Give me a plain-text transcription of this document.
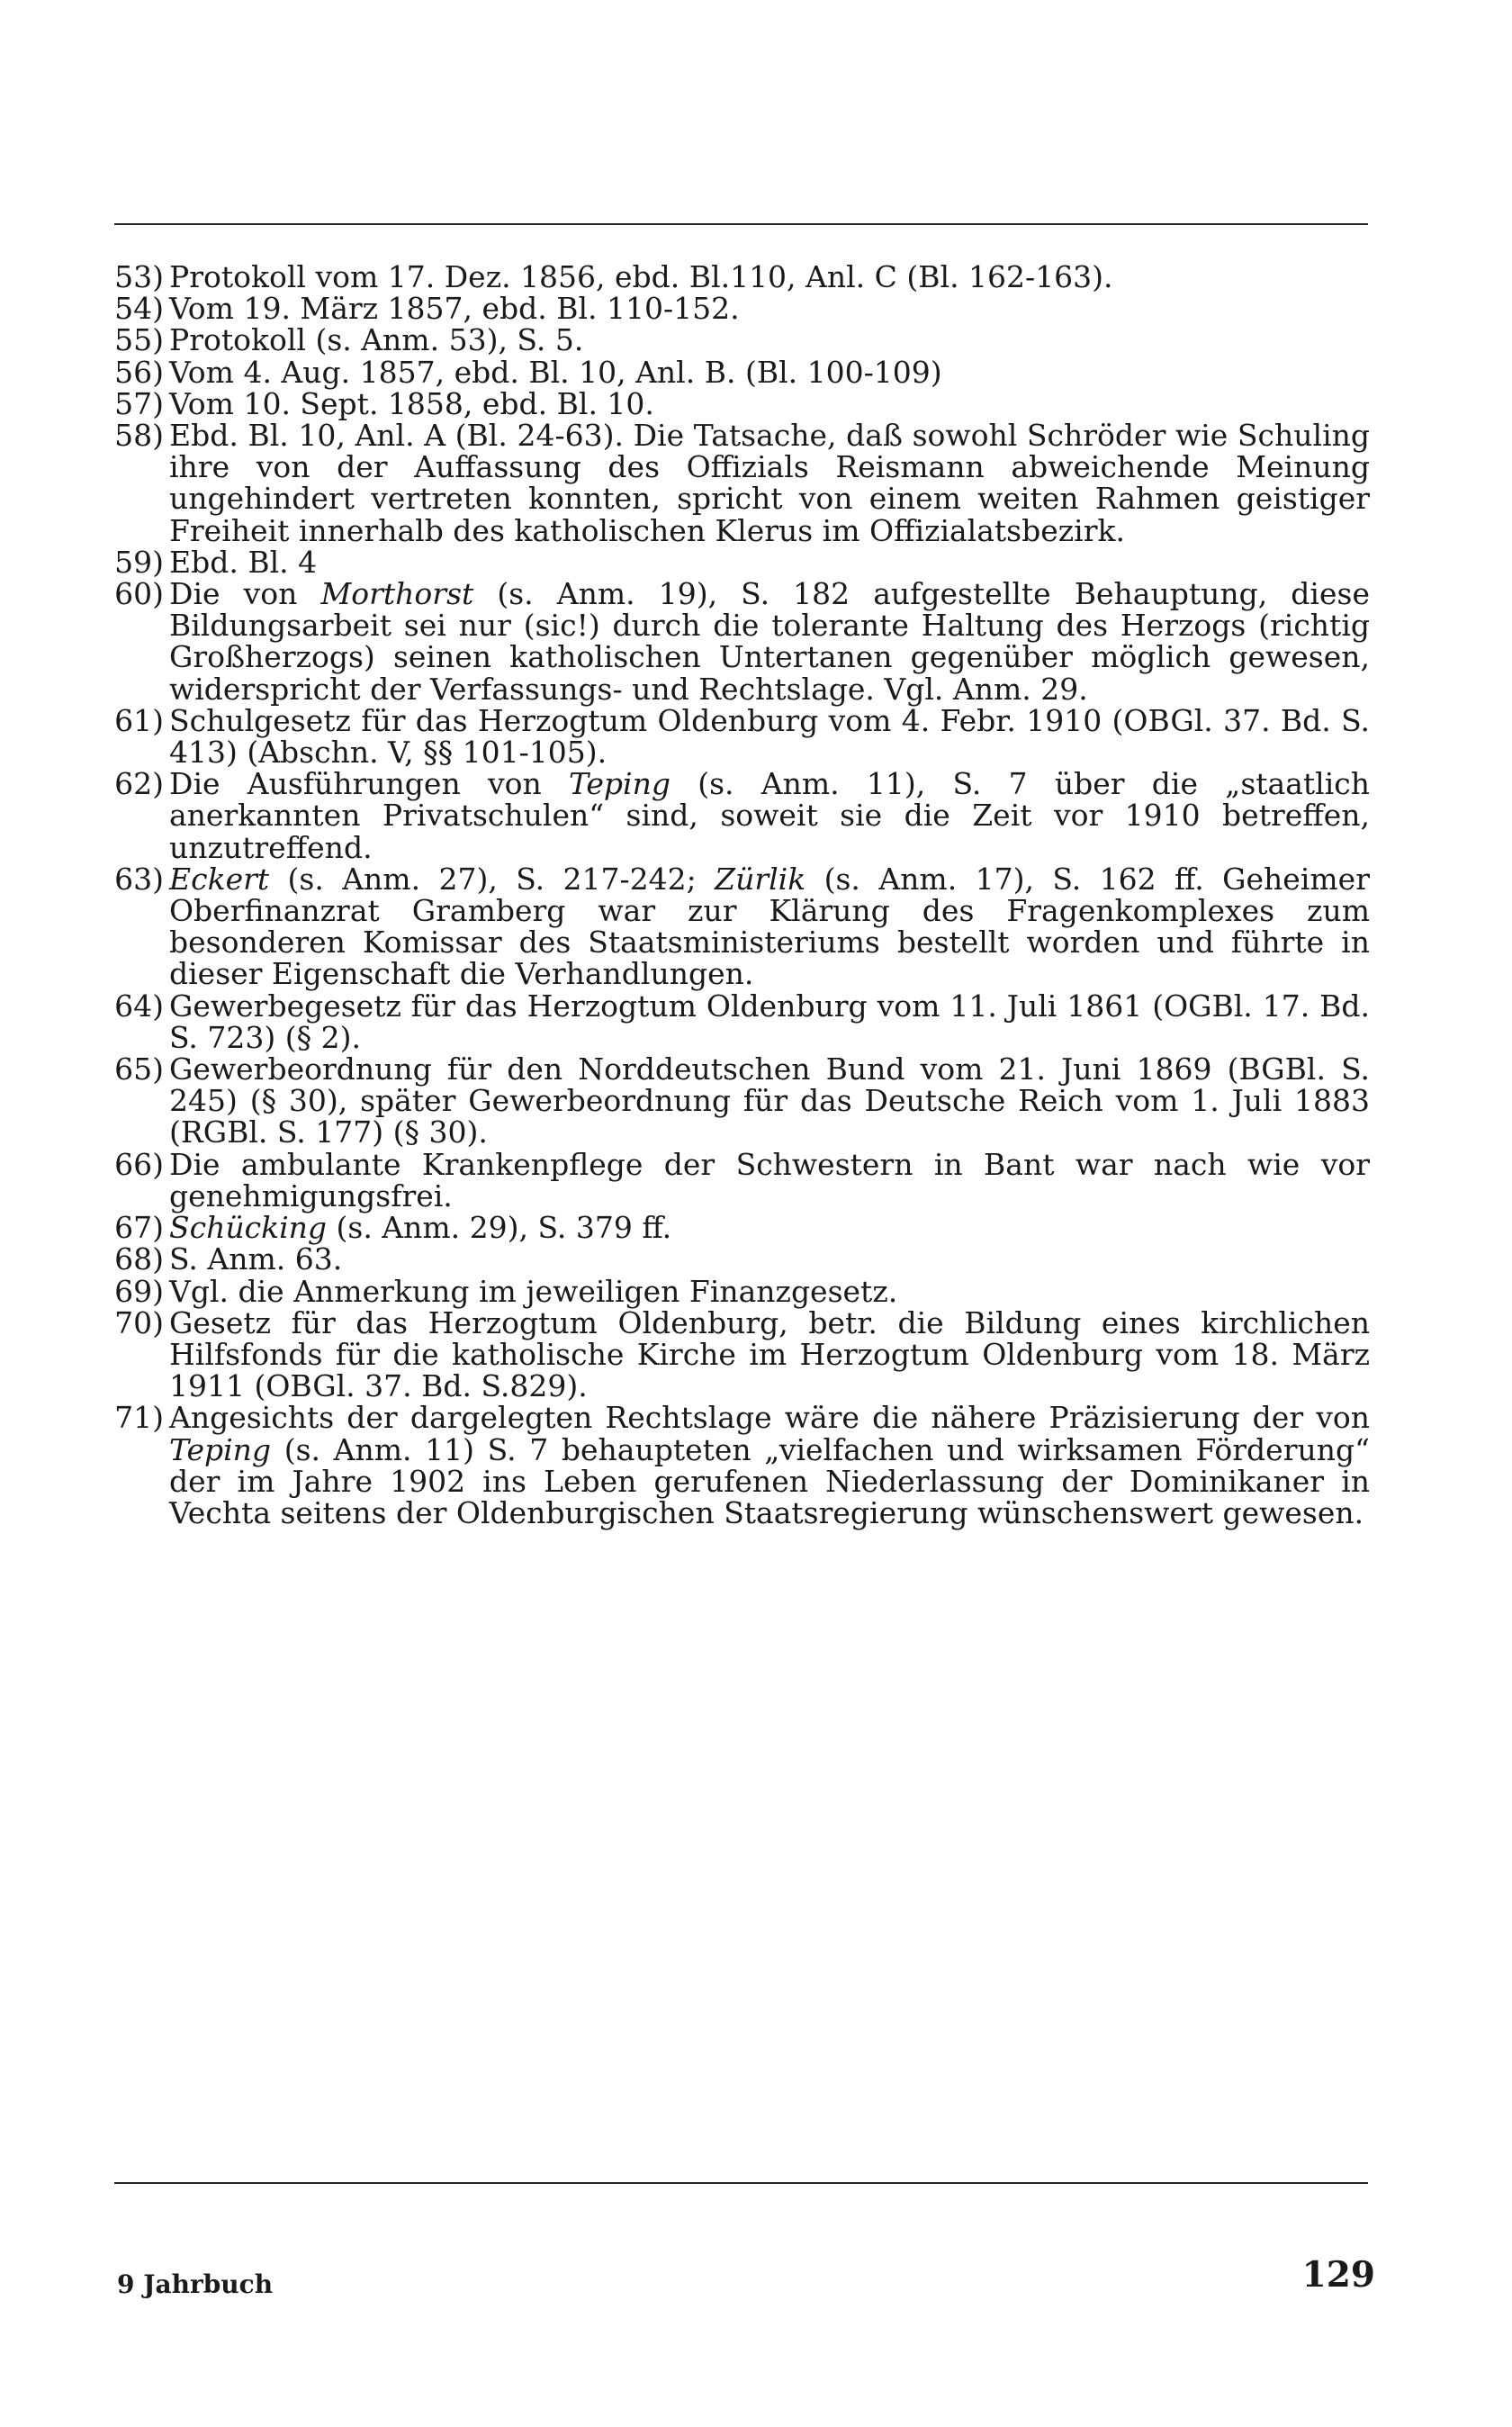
53) Protokoll vom 17. Dez. 1856, ebd. Bl.110, Anl. C (Bl. 162-163).
54) Vom 19. März 1857, ebd. Bl. 110-152.
55) Protokoll (s. Anm. 53), S. 5.
56) Vom 4. Aug. 1857, ebd. Bl. 10, Anl. B. (Bl. 100-109)
57) Vom 10. Sept. 1858, ebd. Bl. 10.
58) Ebd. Bl. 10, Anl. A (Bl. 24-63). Die Tatsache, daß sowohl Schröder wie Schuling ihre von der Auffassung des Offizials Reismann abweichende Meinung ungehindert vertreten konnten, spricht von einem weiten Rahmen geistiger Freiheit innerhalb des katholischen Klerus im Offizialatsbezirk.
59) Ebd. Bl. 4
60) Die von Morthorst (s. Anm. 19), S. 182 aufgestellte Behauptung, diese Bildungsarbeit sei nur (sic!) durch die tolerante Haltung des Herzogs (richtig Großherzogs) seinen katholischen Untertanen gegenüber möglich gewesen, widerspricht der Verfassungs- und Rechtslage. Vgl. Anm. 29.
61) Schulgesetz für das Herzogtum Oldenburg vom 4. Febr. 1910 (OBGl. 37. Bd. S. 413) (Abschn. V, §§ 101-105).
62) Die Ausführungen von Teping (s. Anm. 11), S. 7 über die „staatlich anerkannten Privatschulen“ sind, soweit sie die Zeit vor 1910 betreffen, unzutreffend.
63) Eckert (s. Anm. 27), S. 217-242; Zürlik (s. Anm. 17), S. 162 ff. Geheimer Oberfinanzrat Gramberg war zur Klärung des Fragenkomplexes zum besonderen Komissar des Staatsministeriums bestellt worden und führte in dieser Eigenschaft die Verhandlungen.
64) Gewerbegesetz für das Herzogtum Oldenburg vom 11. Juli 1861 (OGBl. 17. Bd. S. 723) (§ 2).
65) Gewerbeordnung für den Norddeutschen Bund vom 21. Juni 1869 (BGBl. S. 245) (§ 30), später Gewerbeordnung für das Deutsche Reich vom 1. Juli 1883 (RGBl. S. 177) (§ 30).
66) Die ambulante Krankenpflege der Schwestern in Bant war nach wie vor genehmigungsfrei.
67) Schücking (s. Anm. 29), S. 379 ff.
68) S. Anm. 63.
69) Vgl. die Anmerkung im jeweiligen Finanzgesetz.
70) Gesetz für das Herzogtum Oldenburg, betr. die Bildung eines kirchlichen Hilfsfonds für die katholische Kirche im Herzogtum Oldenburg vom 18. März 1911 (OBGl. 37. Bd. S.829).
71) Angesichts der dargelegten Rechtslage wäre die nähere Präzisierung der von Teping (s. Anm. 11) S. 7 behaupteten „vielfachen und wirksamen Förderung“ der im Jahre 1902 ins Leben gerufenen Niederlassung der Dominikaner in Vechta seitens der Oldenburgischen Staatsregierung wünschenswert gewesen.
9 Jahrbuch	129
